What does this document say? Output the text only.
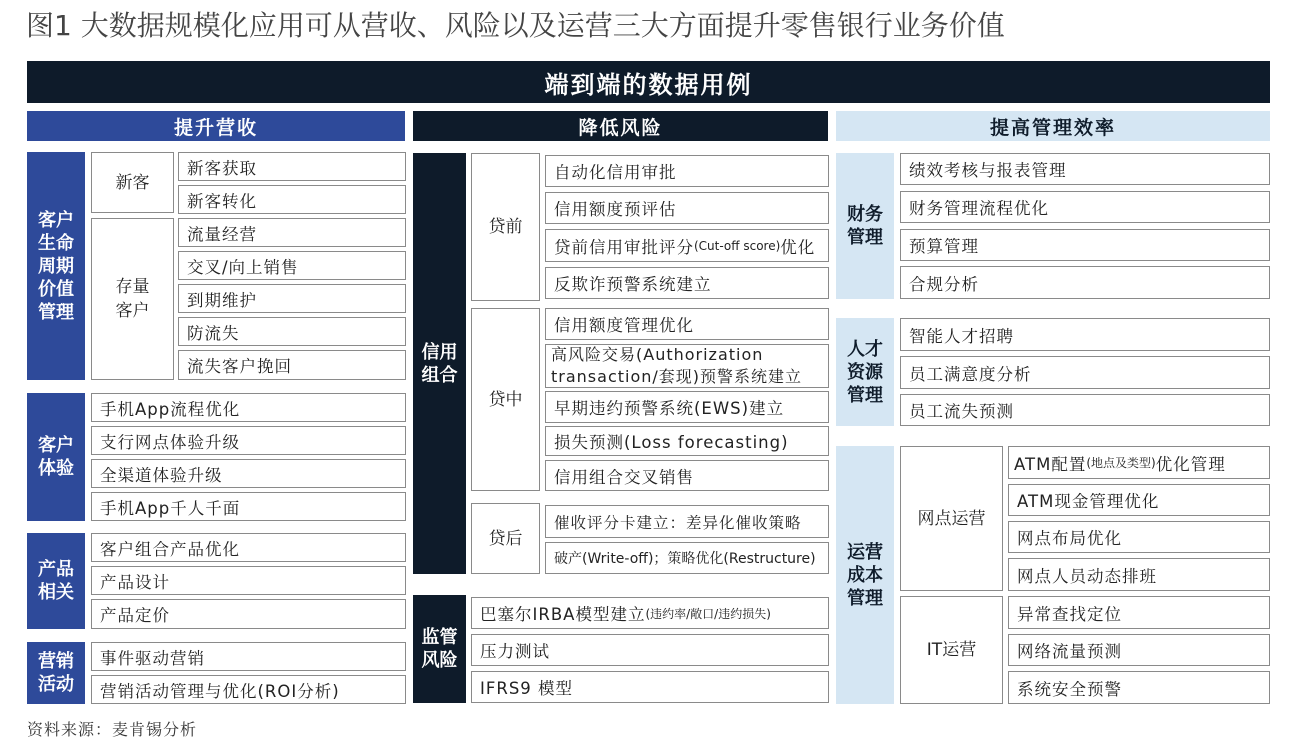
图1 大数据规模化应用可从营收、风险以及运营三大方面提升零售银行业务价值
端到端的数据用例
提升营收	降低风险	提高管理效率
客户
生命
周期
价值
管理
新客
新客获取
新客转化
存量
客户
流量经营
交叉/向上销售
到期维护
防流失
流失客户挽回
客户
体验
手机App流程优化
支行网点体验升级
全渠道体验升级
手机App千人千面
产品
相关
客户组合产品优化
产品设计
产品定价
营销
活动
事件驱动营销
营销活动管理与优化(ROI分析)
信用
组合
贷前
自动化信用审批
信用额度预评估
贷前信用审批评分 (Cut-off score) 优化
反欺诈预警系统建立
贷中
信用额度管理优化
高风险交易(Authorization
transaction/套现)预警系统建立
早期违约预警系统(EWS)建立
损失预测(Loss forecasting)
信用组合交叉销售
贷后
催收评分卡建立：差异化催收策略
破产(Write-off)；策略优化(Restructure)
监管
风险
巴塞尔IRBA模型建立 (违约率/敞口/违约损失)
压力测试
IFRS9 模型
财务
管理
绩效考核与报表管理
财务管理流程优化
预算管理
合规分析
人才
资源
管理
智能人才招聘
员工满意度分析
员工流失预测
运营
成本
管理
网点运营
ATM配置 (地点及类型) 优化管理
ATM现金管理优化
网点布局优化
网点人员动态排班
IT运营
异常查找定位
网络流量预测
系统安全预警
资料来源：麦肯锡分析
